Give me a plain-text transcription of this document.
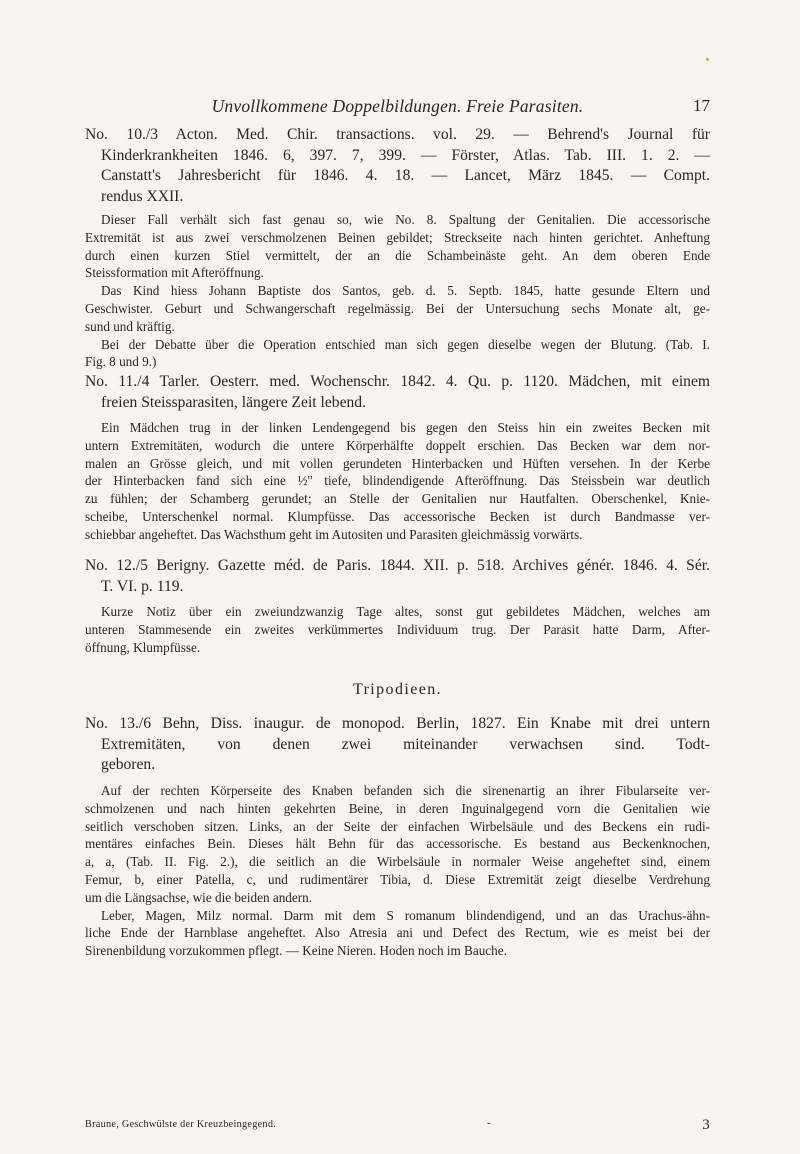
Unvollkommene Doppelbildungen. Freie Parasiten.	17
No. 10./3 Acton. Med. Chir. transactions. vol. 29. — Behrend's Journal für
Kinderkrankheiten 1846. 6, 397. 7, 399. — Förster, Atlas. Tab. III. 1. 2. —
Canstatt's Jahresbericht für 1846. 4. 18. — Lancet, März 1845. — Compt.
rendus XXII.
Dieser Fall verhält sich fast genau so, wie No. 8. Spaltung der Genitalien. Die accessorische
Extremität ist aus zwei verschmolzenen Beinen gebildet; Streckseite nach hinten gerichtet. Anheftung
durch einen kurzen Stiel vermittelt, der an die Schambeinäste geht. An dem oberen Ende
Steissformation mit Afteröffnung.
Das Kind hiess Johann Baptiste dos Santos, geb. d. 5. Septb. 1845, hatte gesunde Eltern und
Geschwister. Geburt und Schwangerschaft regelmässig. Bei der Untersuchung sechs Monate alt, ge-
sund und kräftig.
Bei der Debatte über die Operation entschied man sich gegen dieselbe wegen der Blutung. (Tab. I.
Fig. 8 und 9.)
No. 11./4 Tarler. Oesterr. med. Wochenschr. 1842. 4. Qu. p. 1120. Mädchen, mit einem
freien Steissparasiten, längere Zeit lebend.
Ein Mädchen trug in der linken Lendengegend bis gegen den Steiss hin ein zweites Becken mit
untern Extremitäten, wodurch die untere Körperhälfte doppelt erschien. Das Becken war dem nor-
malen an Grösse gleich, und mit vollen gerundeten Hinterbacken und Hüften versehen. In der Kerbe
der Hinterbacken fand sich eine ½" tiefe, blindendigende Afteröffnung. Das Steissbein war deutlich
zu fühlen; der Schamberg gerundet; an Stelle der Genitalien nur Hautfalten. Oberschenkel, Knie-
scheibe, Unterschenkel normal. Klumpfüsse. Das accessorische Becken ist durch Bandmasse ver-
schiebbar angeheftet. Das Wachsthum geht im Autositen und Parasiten gleichmässig vorwärts.
No. 12./5 Berigny. Gazette méd. de Paris. 1844. XII. p. 518. Archives génér. 1846. 4. Sér.
T. VI. p. 119.
Kurze Notiz über ein zweiundzwanzig Tage altes, sonst gut gebildetes Mädchen, welches am
unteren Stammesende ein zweites verkümmertes Individuum trug. Der Parasit hatte Darm, After-
öffnung, Klumpfüsse.
Tripodieen.
No. 13./6 Behn, Diss. inaugur. de monopod. Berlin, 1827. Ein Knabe mit drei untern
Extremitäten, von denen zwei miteinander verwachsen sind. Todt-
geboren.
Auf der rechten Körperseite des Knaben befanden sich die sirenenartig an ihrer Fibularseite ver-
schmolzenen und nach hinten gekehrten Beine, in deren Inguinalgegend vorn die Genitalien wie
seitlich verschoben sitzen. Links, an der Seite der einfachen Wirbelsäule und des Beckens ein rudi-
mentäres einfaches Bein. Dieses hält Behn für das accessorische. Es bestand aus Beckenknochen,
a, a, (Tab. II. Fig. 2.), die seitlich an die Wirbelsäule in normaler Weise angeheftet sind, einem
Femur, b, einer Patella, c, und rudimentärer Tibia, d. Diese Extremität zeigt dieselbe Verdrehung
um die Längsachse, wie die beiden andern.
Leber, Magen, Milz normal. Darm mit dem S romanum blindendigend, und an das Urachus-ähn-
liche Ende der Harnblase angeheftet. Also Atresia ani und Defect des Rectum, wie es meist bei der
Sirenenbildung vorzukommen pflegt. — Keine Nieren. Hoden noch im Bauche.
Braune, Geschwülste der Kreuzbeingegend.	-	3
